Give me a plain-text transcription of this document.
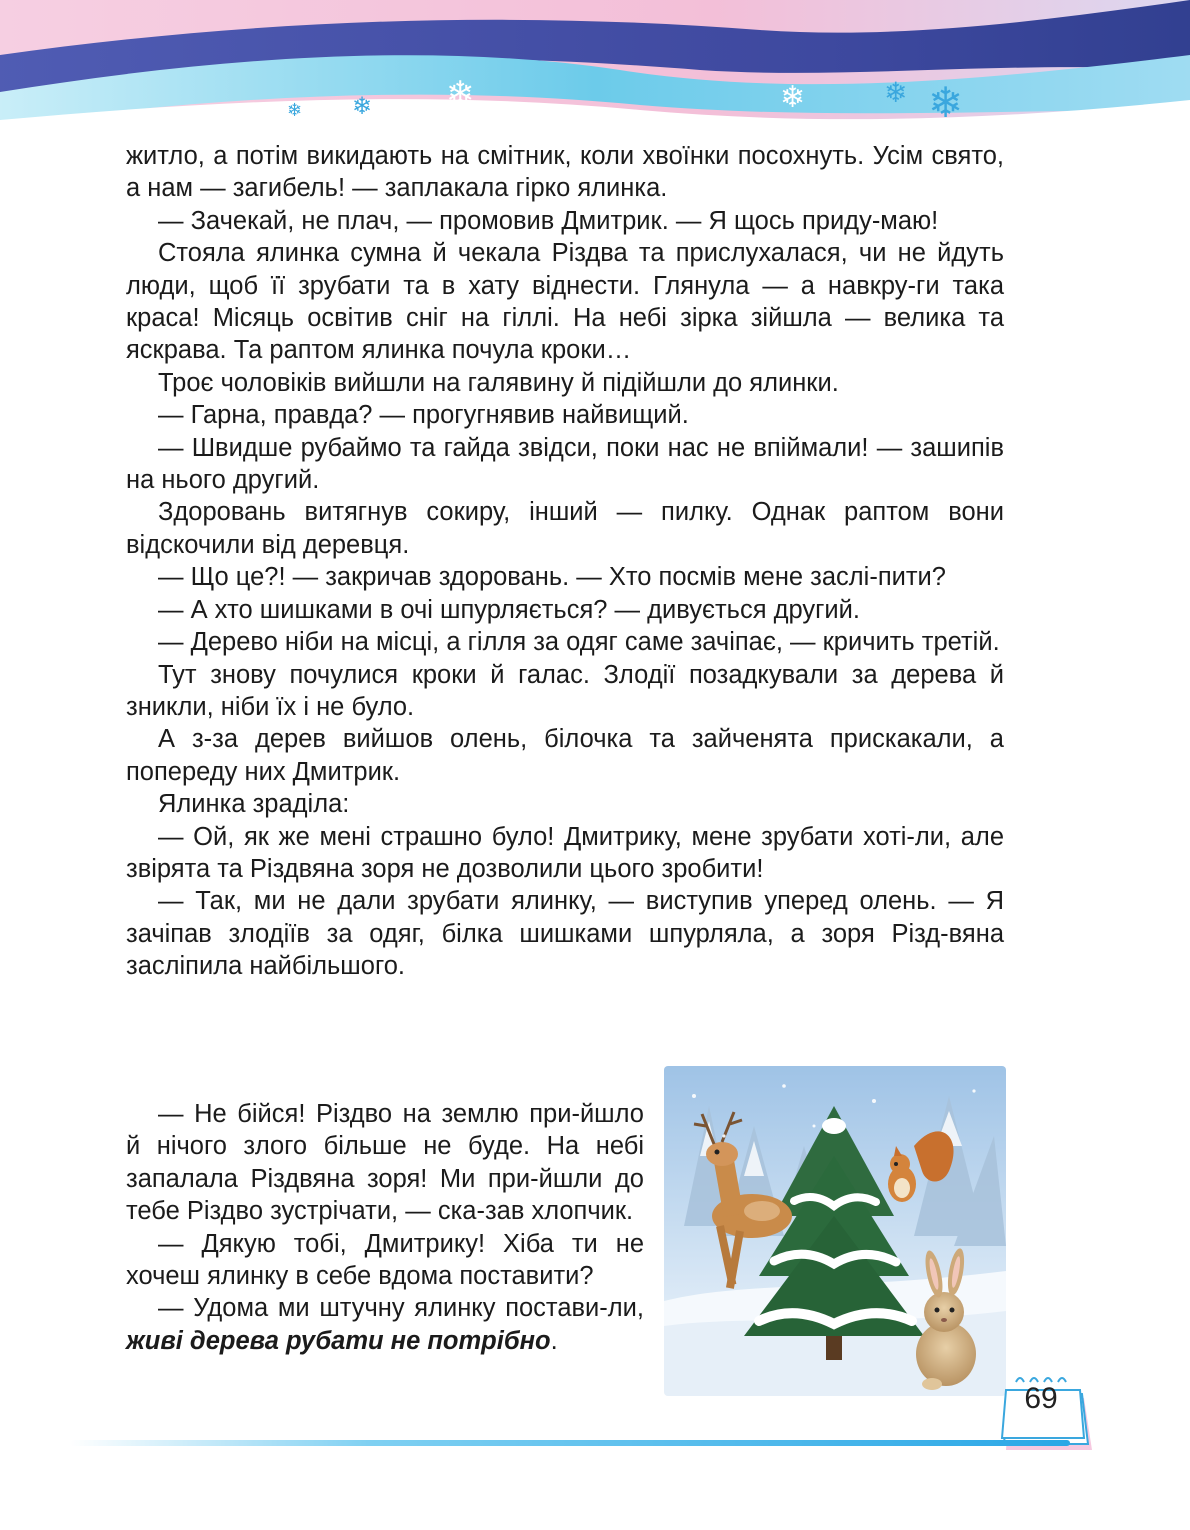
❄ ❄ ❄	❄	❄ ❄

житло, а потім викидають на смітник, коли хвоїнки посохнуть. Усім свято, а нам — загибель! — заплакала гірко ялинка.

— Зачекай, не плач, — промовив Дмитрик. — Я щось приду-маю!

Стояла ялинка сумна й чекала Різдва та прислухалася, чи не йдуть люди, щоб її зрубати та в хату віднести. Глянула — а навкру-ги така краса! Місяць освітив сніг на гіллі. На небі зірка зійшла — велика та яскрава. Та раптом ялинка почула кроки…

Троє чоловіків вийшли на галявину й підійшли до ялинки.

— Гарна, правда? — прогугнявив найвищий.

— Швидше рубаймо та гайда звідси, поки нас не впіймали! — зашипів на нього другий.

Здоровань витягнув сокиру, інший — пилку. Однак раптом вони відскочили від деревця.

— Що це?! — закричав здоровань. — Хто посмів мене заслі-пити?

— А хто шишками в очі шпурляється? — дивується другий.

— Дерево ніби на місці, а гілля за одяг саме зачіпає, — кричить третій.

Тут знову почулися кроки й галас. Злодії позадкували за дерева й зникли, ніби їх і не було.

А з-за дерев вийшов олень, білочка та зайченята прискакали, а попереду них Дмитрик.

Ялинка зраділа:

— Ой, як же мені страшно було! Дмитрику, мене зрубати хоті-ли, але звірята та Різдвяна зоря не дозволили цього зробити!

— Так, ми не дали зрубати ялинку, — виступив уперед олень. — Я зачіпав злодіїв за одяг, білка шишками шпурляла, а зоря Різд-вяна засліпила найбільшого.

— Не бійся! Різдво на землю при-йшло й нічого злого більше не буде. На небі запалала Різдвяна зоря! Ми при-йшли до тебе Різдво зустрічати, — ска-зав хлопчик.

— Дякую тобі, Дмитрику! Хіба ти не хочеш ялинку в себе вдома поставити?

— Удома ми штучну ялинку постави-ли, живі дерева рубати не потрібно.

69
